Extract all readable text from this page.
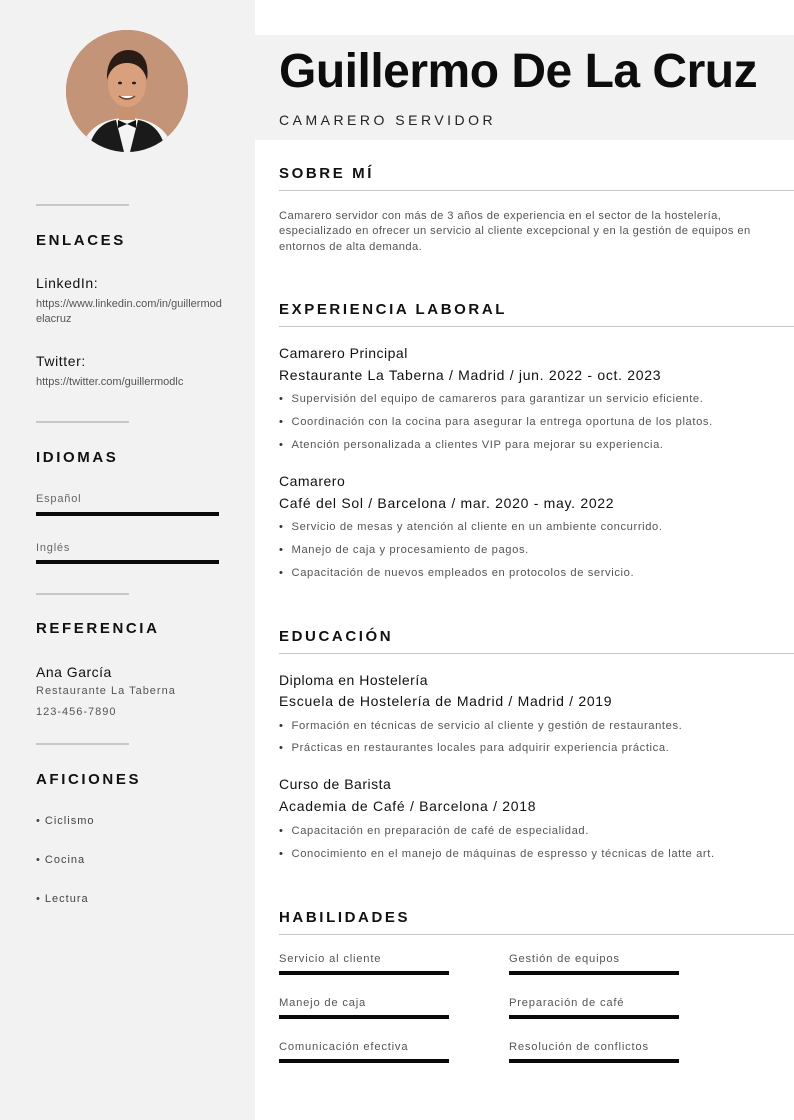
ENLACES
LinkedIn:
https://www.linkedin.com/in/guillermodelacruz
Twitter:
https://twitter.com/guillermodlc
IDIOMAS
Español
Inglés
REFERENCIA
Ana García
Restaurante La Taberna
123-456-7890
AFICIONES
• Ciclismo
• Cocina
• Lectura
Guillermo De La Cruz
CAMARERO SERVIDOR
SOBRE MÍ
Camarero servidor con más de 3 años de experiencia en el sector de la hostelería, especializado en ofrecer un servicio al cliente excepcional y en la gestión de equipos en entornos de alta demanda.
EXPERIENCIA LABORAL
Camarero Principal
Restaurante La Taberna / Madrid / jun. 2022 - oct. 2023
• Supervisión del equipo de camareros para garantizar un servicio eficiente.
• Coordinación con la cocina para asegurar la entrega oportuna de los platos.
• Atención personalizada a clientes VIP para mejorar su experiencia.
Camarero
Café del Sol / Barcelona / mar. 2020 - may. 2022
• Servicio de mesas y atención al cliente en un ambiente concurrido.
• Manejo de caja y procesamiento de pagos.
• Capacitación de nuevos empleados en protocolos de servicio.
EDUCACIÓN
Diploma en Hostelería
Escuela de Hostelería de Madrid / Madrid / 2019
• Formación en técnicas de servicio al cliente y gestión de restaurantes.
• Prácticas en restaurantes locales para adquirir experiencia práctica.
Curso de Barista
Academia de Café / Barcelona / 2018
• Capacitación en preparación de café de especialidad.
• Conocimiento en el manejo de máquinas de espresso y técnicas de latte art.
HABILIDADES
Servicio al cliente	Gestión de equipos
Manejo de caja	Preparación de café
Comunicación efectiva	Resolución de conflictos
